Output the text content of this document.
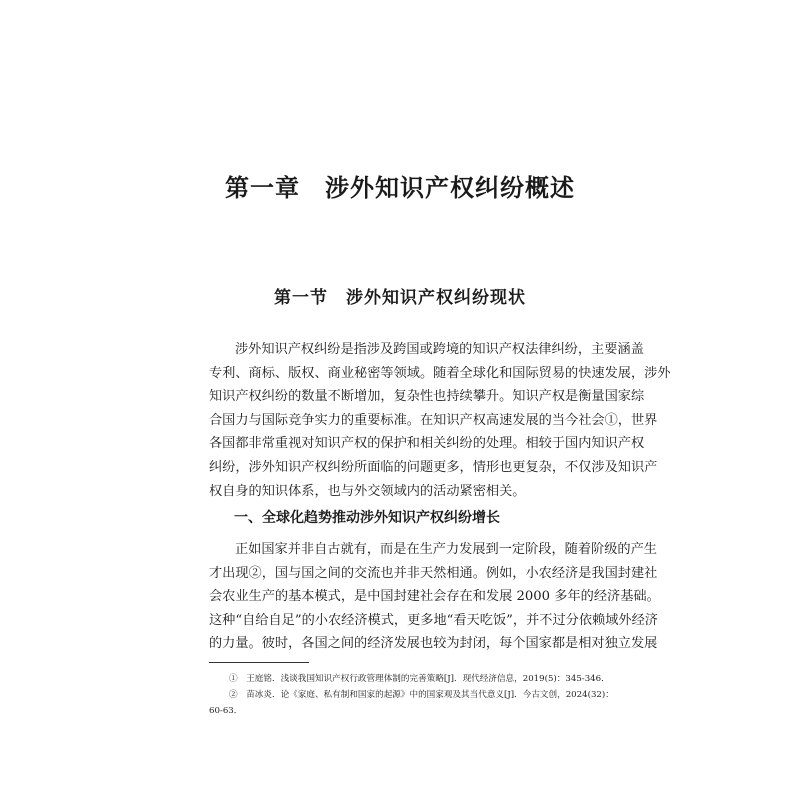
第一章　涉外知识产权纠纷概述
第一节　涉外知识产权纠纷现状
涉外知识产权纠纷是指涉及跨国或跨境的知识产权法律纠纷，主要涵盖
专利、商标、版权、商业秘密等领域。随着全球化和国际贸易的快速发展，涉外
知识产权纠纷的数量不断增加，复杂性也持续攀升。知识产权是衡量国家综
合国力与国际竞争实力的重要标准。在知识产权高速发展的当今社会①，世界
各国都非常重视对知识产权的保护和相关纠纷的处理。相较于国内知识产权
纠纷，涉外知识产权纠纷所面临的问题更多，情形也更复杂，不仅涉及知识产
权自身的知识体系，也与外交领域内的活动紧密相关。
一、全球化趋势推动涉外知识产权纠纷增长
正如国家并非自古就有，而是在生产力发展到一定阶段，随着阶级的产生
才出现②，国与国之间的交流也并非天然相通。例如，小农经济是我国封建社
会农业生产的基本模式，是中国封建社会存在和发展 2000 多年的经济基础。
这种“自给自足”的小农经济模式，更多地“看天吃饭”，并不过分依赖域外经济
的力量。彼时，各国之间的经济发展也较为封闭，每个国家都是相对独立发展
①　王庭铭．浅谈我国知识产权行政管理体制的完善策略[J]．现代经济信息，2019(5)：345-346．
②　苗冰炎．论《家庭、私有制和国家的起源》中的国家观及其当代意义[J]．今古文创，2024(32)：
60-63．
